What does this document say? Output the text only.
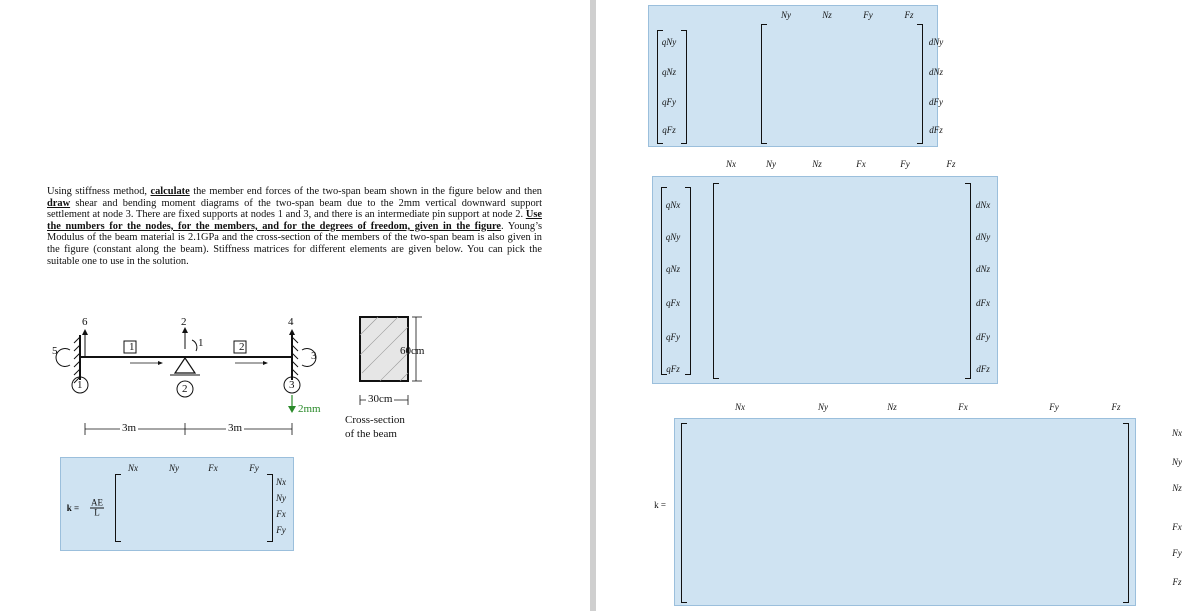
Using stiffness method, calculate the member end forces of the two-span beam shown in the figure below and then draw shear and bending moment diagrams of the two-span beam due to the 2mm vertical downward support settlement at node 3. There are fixed supports at nodes 1 and 3, and there is an intermediate pin support at node 2. Use the numbers for the nodes, for the members, and for the degrees of freedom, given in the figure. Young’s Modulus of the beam material is 2.1GPa and the cross-section of the members of the two-span beam is also given in the figure (constant along the beam). Stiffness matrices for different elements are given below. You can pick the suitable one to use in the solution.
6	2
1
4
5	3
1	2
1	2	3
2mm
3m	3m
60cm
30cm
Cross-section
of the beam
$k = \frac{AE}{L}$
Nx	Ny	Fx	Fy
Nx
Ny
Fx
Fy
Ny	Nz	Fy	Fz
qNy
qNz
qFy
qFz
dNy
dNz
dFy
dFz
Nx	Ny	Nz	Fx	Fy	Fz
qNx
qNy
qNz
qFx
qFy
qFz
dNx
dNy
dNz
dFx
dFy
dFz
Nx	Ny	Nz	Fx	Fy	Fz
k =
Nx
Ny
Nz
Fx
Fy
Fz
